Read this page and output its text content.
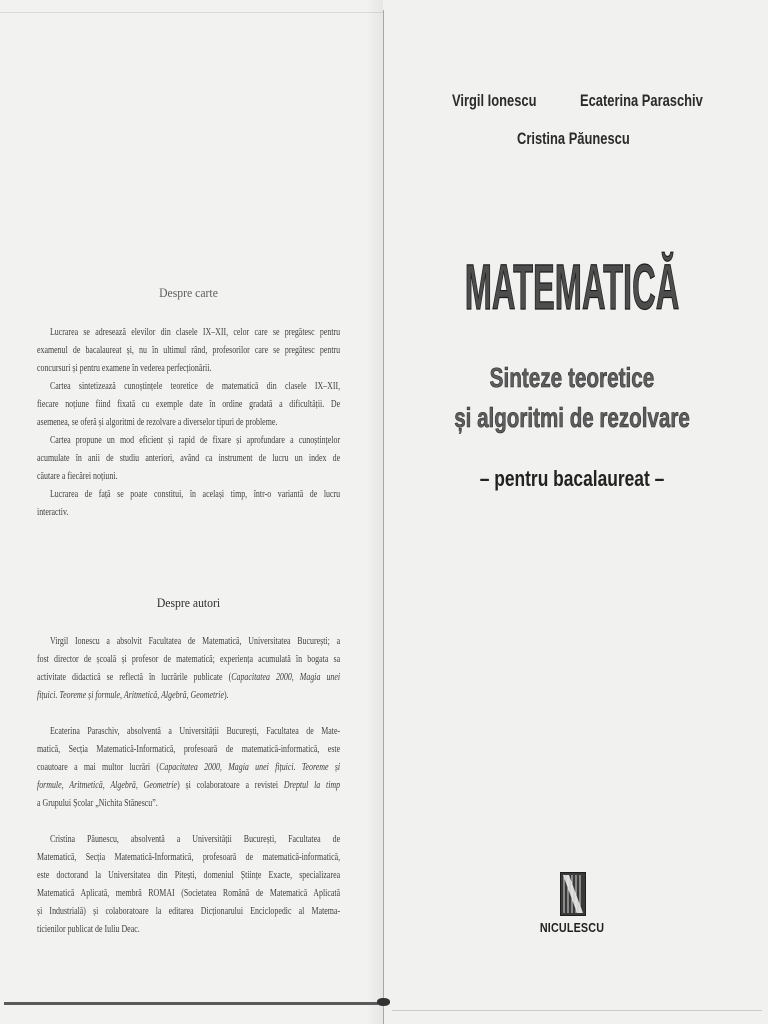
Despre carte
Lucrarea se adresează elevilor din clasele IX–XII, celor care se pregătesc pentru
examenul de bacalaureat și, nu în ultimul rând, profesorilor care se pregătesc pentru
concursuri și pentru examene în vederea perfecționării.
Cartea sintetizează cunoștințele teoretice de matematică din clasele IX–XII,
fiecare noțiune fiind fixată cu exemple date în ordine gradată a dificultății. De
asemenea, se oferă și algoritmi de rezolvare a diverselor tipuri de probleme.
Cartea propune un mod eficient și rapid de fixare și aprofundare a cunoștințelor
acumulate în anii de studiu anteriori, având ca instrument de lucru un index de
căutare a fiecărei noțiuni.
Lucrarea de față se poate constitui, în același timp, într-o variantă de lucru
interactiv.
Despre autori
Virgil Ionescu a absolvit Facultatea de Matematică, Universitatea București; a
fost director de școală și profesor de matematică; experiența acumulată în bogata sa
activitate didactică se reflectă în lucrările publicate (Capacitatea 2000, Magia unei
fițuici. Teoreme și formule, Aritmetică, Algebră, Geometrie).
Ecaterina Paraschiv, absolventă a Universității București, Facultatea de Mate-
matică, Secția Matematică-Informatică, profesoară de matematică-informatică, este
coautoare a mai multor lucrări (Capacitatea 2000, Magia unei fițuici. Teoreme și
formule, Aritmetică, Algebră, Geometrie) și colaboratoare a revistei Dreptul la timp
a Grupului Școlar „Nichita Stănescu”.
Cristina Păunescu, absolventă a Universității București, Facultatea de
Matematică, Secția Matematică-Informatică, profesoară de matematică-informatică,
este doctorand la Universitatea din Pitești, domeniul Științe Exacte, specializarea
Matematică Aplicată, membră ROMAI (Societatea Română de Matematică Aplicată
și Industrială) și colaboratoare la editarea Dicționarului Enciclopedic al Matema-
ticienilor publicat de Iuliu Deac.
Virgil Ionescu	Ecaterina Paraschiv
Cristina Păunescu
MATEMATICĂ
Sinteze teoretice
și algoritmi de rezolvare
– pentru bacalaureat –
NICULESCU
